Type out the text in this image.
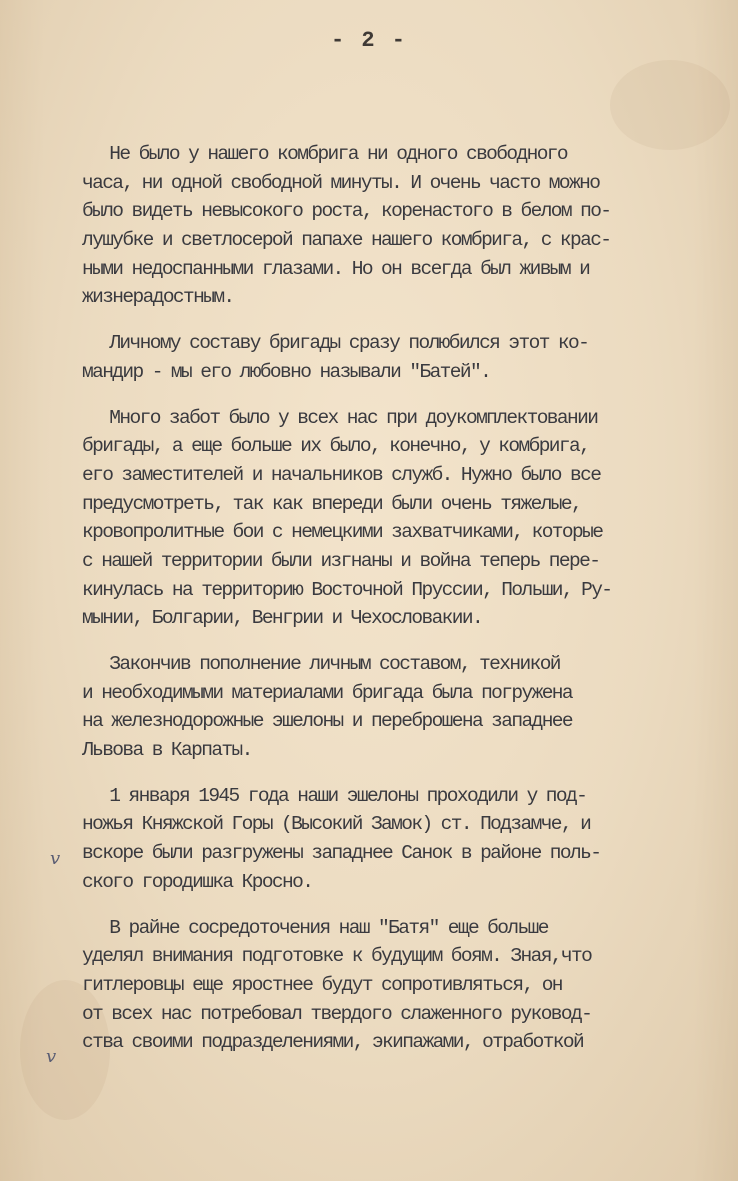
- 2 -
Не было у нашего комбрига ни одного свободного
часа, ни одной свободной минуты. И очень часто можно
было видеть невысокого роста, коренастого в белом по-
лушубке и светлосерой папахе нашего комбрига, с крас-
ными недоспанными глазами. Но он всегда был живым и
жизнерадостным.
Личному составу бригады сразу полюбился этот ко-
мандир - мы его любовно называли "Батей".
Много забот было у всех нас при доукомплектовании
бригады, а еще больше их было, конечно, у комбрига,
его заместителей и начальников служб. Нужно было все
предусмотреть, так как впереди были очень тяжелые,
кровопролитные бои с немецкими захватчиками, которые
с нашей территории были изгнаны и война теперь пере-
кинулась на территорию Восточной Пруссии, Польши, Ру-
мынии, Болгарии, Венгрии и Чехословакии.
Закончив пополнение личным составом, техникой
и необходимыми материалами бригада была погружена
на железнодорожные эшелоны и переброшена западнее
Львова в Карпаты.
1 января 1945 года наши эшелоны проходили у под-
ножья Княжской Горы (Высокий Замок) ст. Подзамче, и
вскоре были разгружены западнее Санок в районе поль-
ского городишка Кросно.
В райне сосредоточения наш "Батя" еще больше
уделял внимания подготовке к будущим боям. Зная,что
гитлеровцы еще яростнее будут сопротивляться, он
от всех нас потребовал твердого слаженного руковод-
ства своими подразделениями, экипажами, отработкой
v
v
